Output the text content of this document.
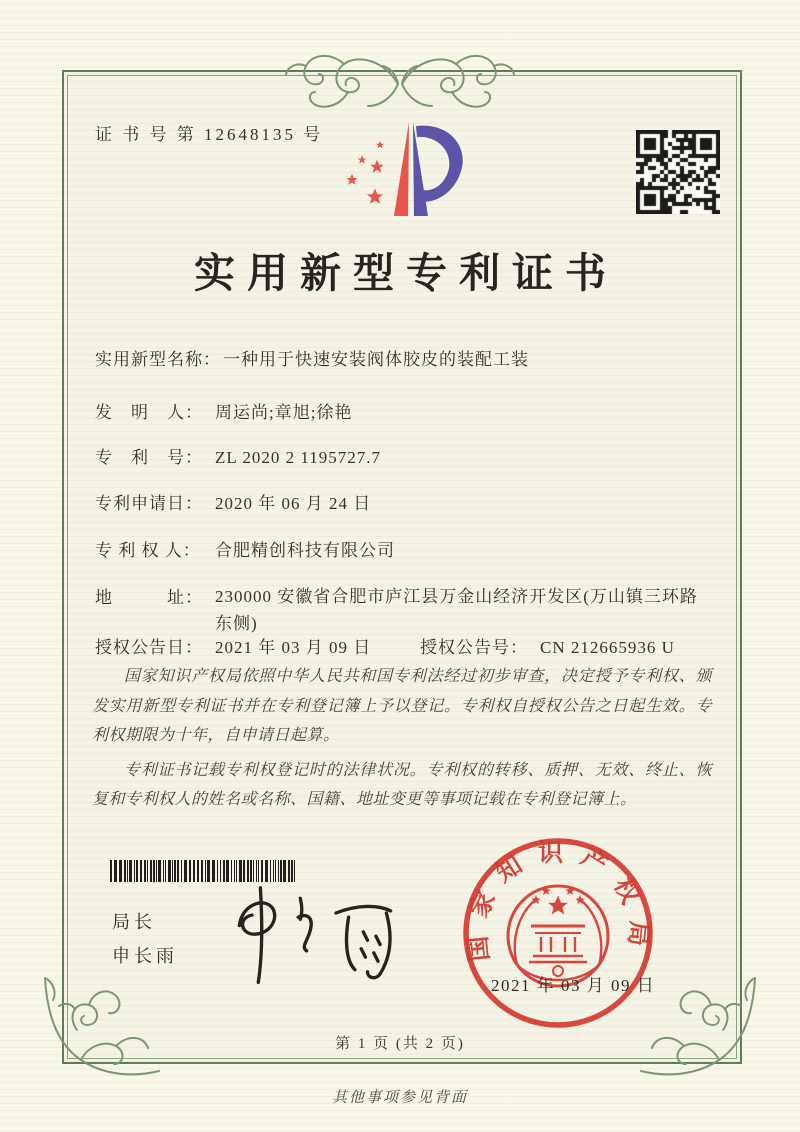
证 书 号 第 12648135 号
实用新型专利证书
实用新型名称： 一种用于快速安装阀体胶皮的装配工装
发　明　人： 周运尚;章旭;徐艳
专　利　号： ZL 2020 2 1195727.7
专利申请日： 2020 年 06 月 24 日
专 利 权 人： 合肥精创科技有限公司
地　　　址： 230000 安徽省合肥市庐江县万金山经济开发区(万山镇三环路东侧)
授权公告日： 2021 年 03 月 09 日	授权公告号： CN 212665936 U

国家知识产权局依照中华人民共和国专利法经过初步审查，决定授予专利权、颁发实用新型专利证书并在专利登记簿上予以登记。专利权自授权公告之日起生效。专利权期限为十年，自申请日起算。

专利证书记载专利权登记时的法律状况。专利权的转移、质押、无效、终止、恢复和专利权人的姓名或名称、国籍、地址变更等事项记载在专利登记簿上。

局长
申长雨	国家知识产权局
2021 年 03 月 09 日
第 1 页 (共 2 页)
其他事项参见背面
